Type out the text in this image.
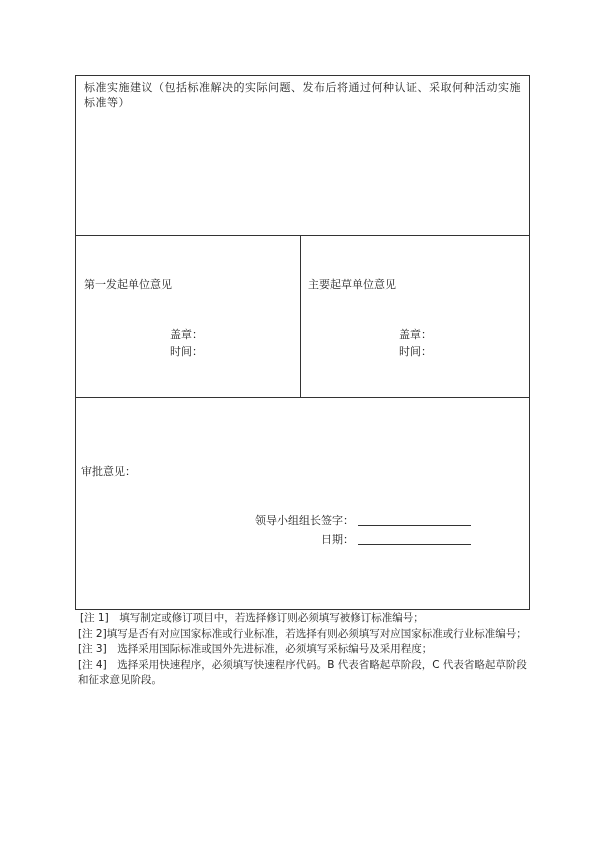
标准实施建议（包括标准解决的实际问题、发布后将通过何种认证、采取何种活动实施标准等）
第一发起单位意见
盖章：
时间：
主要起草单位意见
盖章：
时间：
审批意见：
领导小组组长签字：
日期：

[注 1]　填写制定或修订项目中，若选择修订则必须填写被修订标准编号；

[注 2]填写是否有对应国家标准或行业标准，若选择有则必须填写对应国家标准或行业标准编号；

[注 3]　选择采用国际标准或国外先进标准，必须填写采标编号及采用程度；

[注 4]　选择采用快速程序，必须填写快速程序代码。B 代表省略起草阶段，C 代表省略起草阶段和征求意见阶段。
